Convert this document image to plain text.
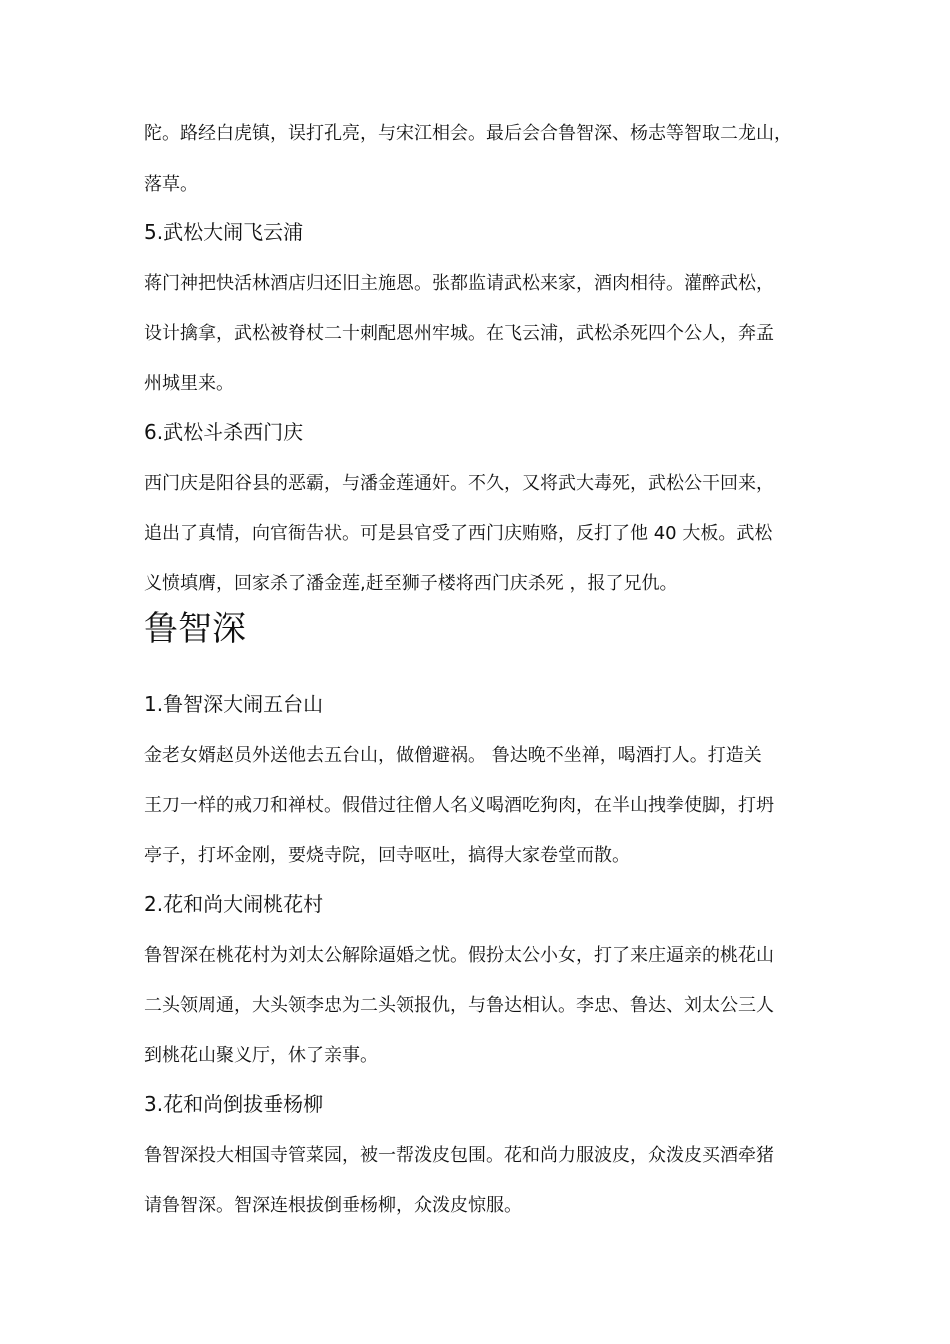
陀。路经白虎镇，误打孔亮，与宋江相会。最后会合鲁智深、杨志等智取二龙山，
落草。
5.武松大闹飞云浦
蒋门神把快活林酒店归还旧主施恩。张都监请武松来家，酒肉相待。灌醉武松，
设计擒拿，武松被脊杖二十刺配恩州牢城。在飞云浦，武松杀死四个公人，奔孟
州城里来。
6.武松斗杀西门庆
西门庆是阳谷县的恶霸，与潘金莲通奸。不久，又将武大毒死，武松公干回来，
追出了真情，向官衙告状。可是县官受了西门庆贿赂，反打了他 40 大板。武松
义愤填膺，回家杀了潘金莲,赶至狮子楼将西门庆杀死 ，报了兄仇。
鲁智深
1.鲁智深大闹五台山
金老女婿赵员外送他去五台山，做僧避祸。 鲁达晚不坐禅，喝酒打人。打造关
王刀一样的戒刀和禅杖。假借过往僧人名义喝酒吃狗肉，在半山拽拳使脚，打坍
亭子，打坏金刚，要烧寺院，回寺呕吐，搞得大家卷堂而散。
2.花和尚大闹桃花村
鲁智深在桃花村为刘太公解除逼婚之忧。假扮太公小女，打了来庄逼亲的桃花山
二头领周通，大头领李忠为二头领报仇，与鲁达相认。李忠、鲁达、刘太公三人
到桃花山聚义厅，休了亲事。
3.花和尚倒拔垂杨柳
鲁智深投大相国寺管菜园，被一帮泼皮包围。花和尚力服波皮，众泼皮买酒牵猪
请鲁智深。智深连根拔倒垂杨柳，众泼皮惊服。
